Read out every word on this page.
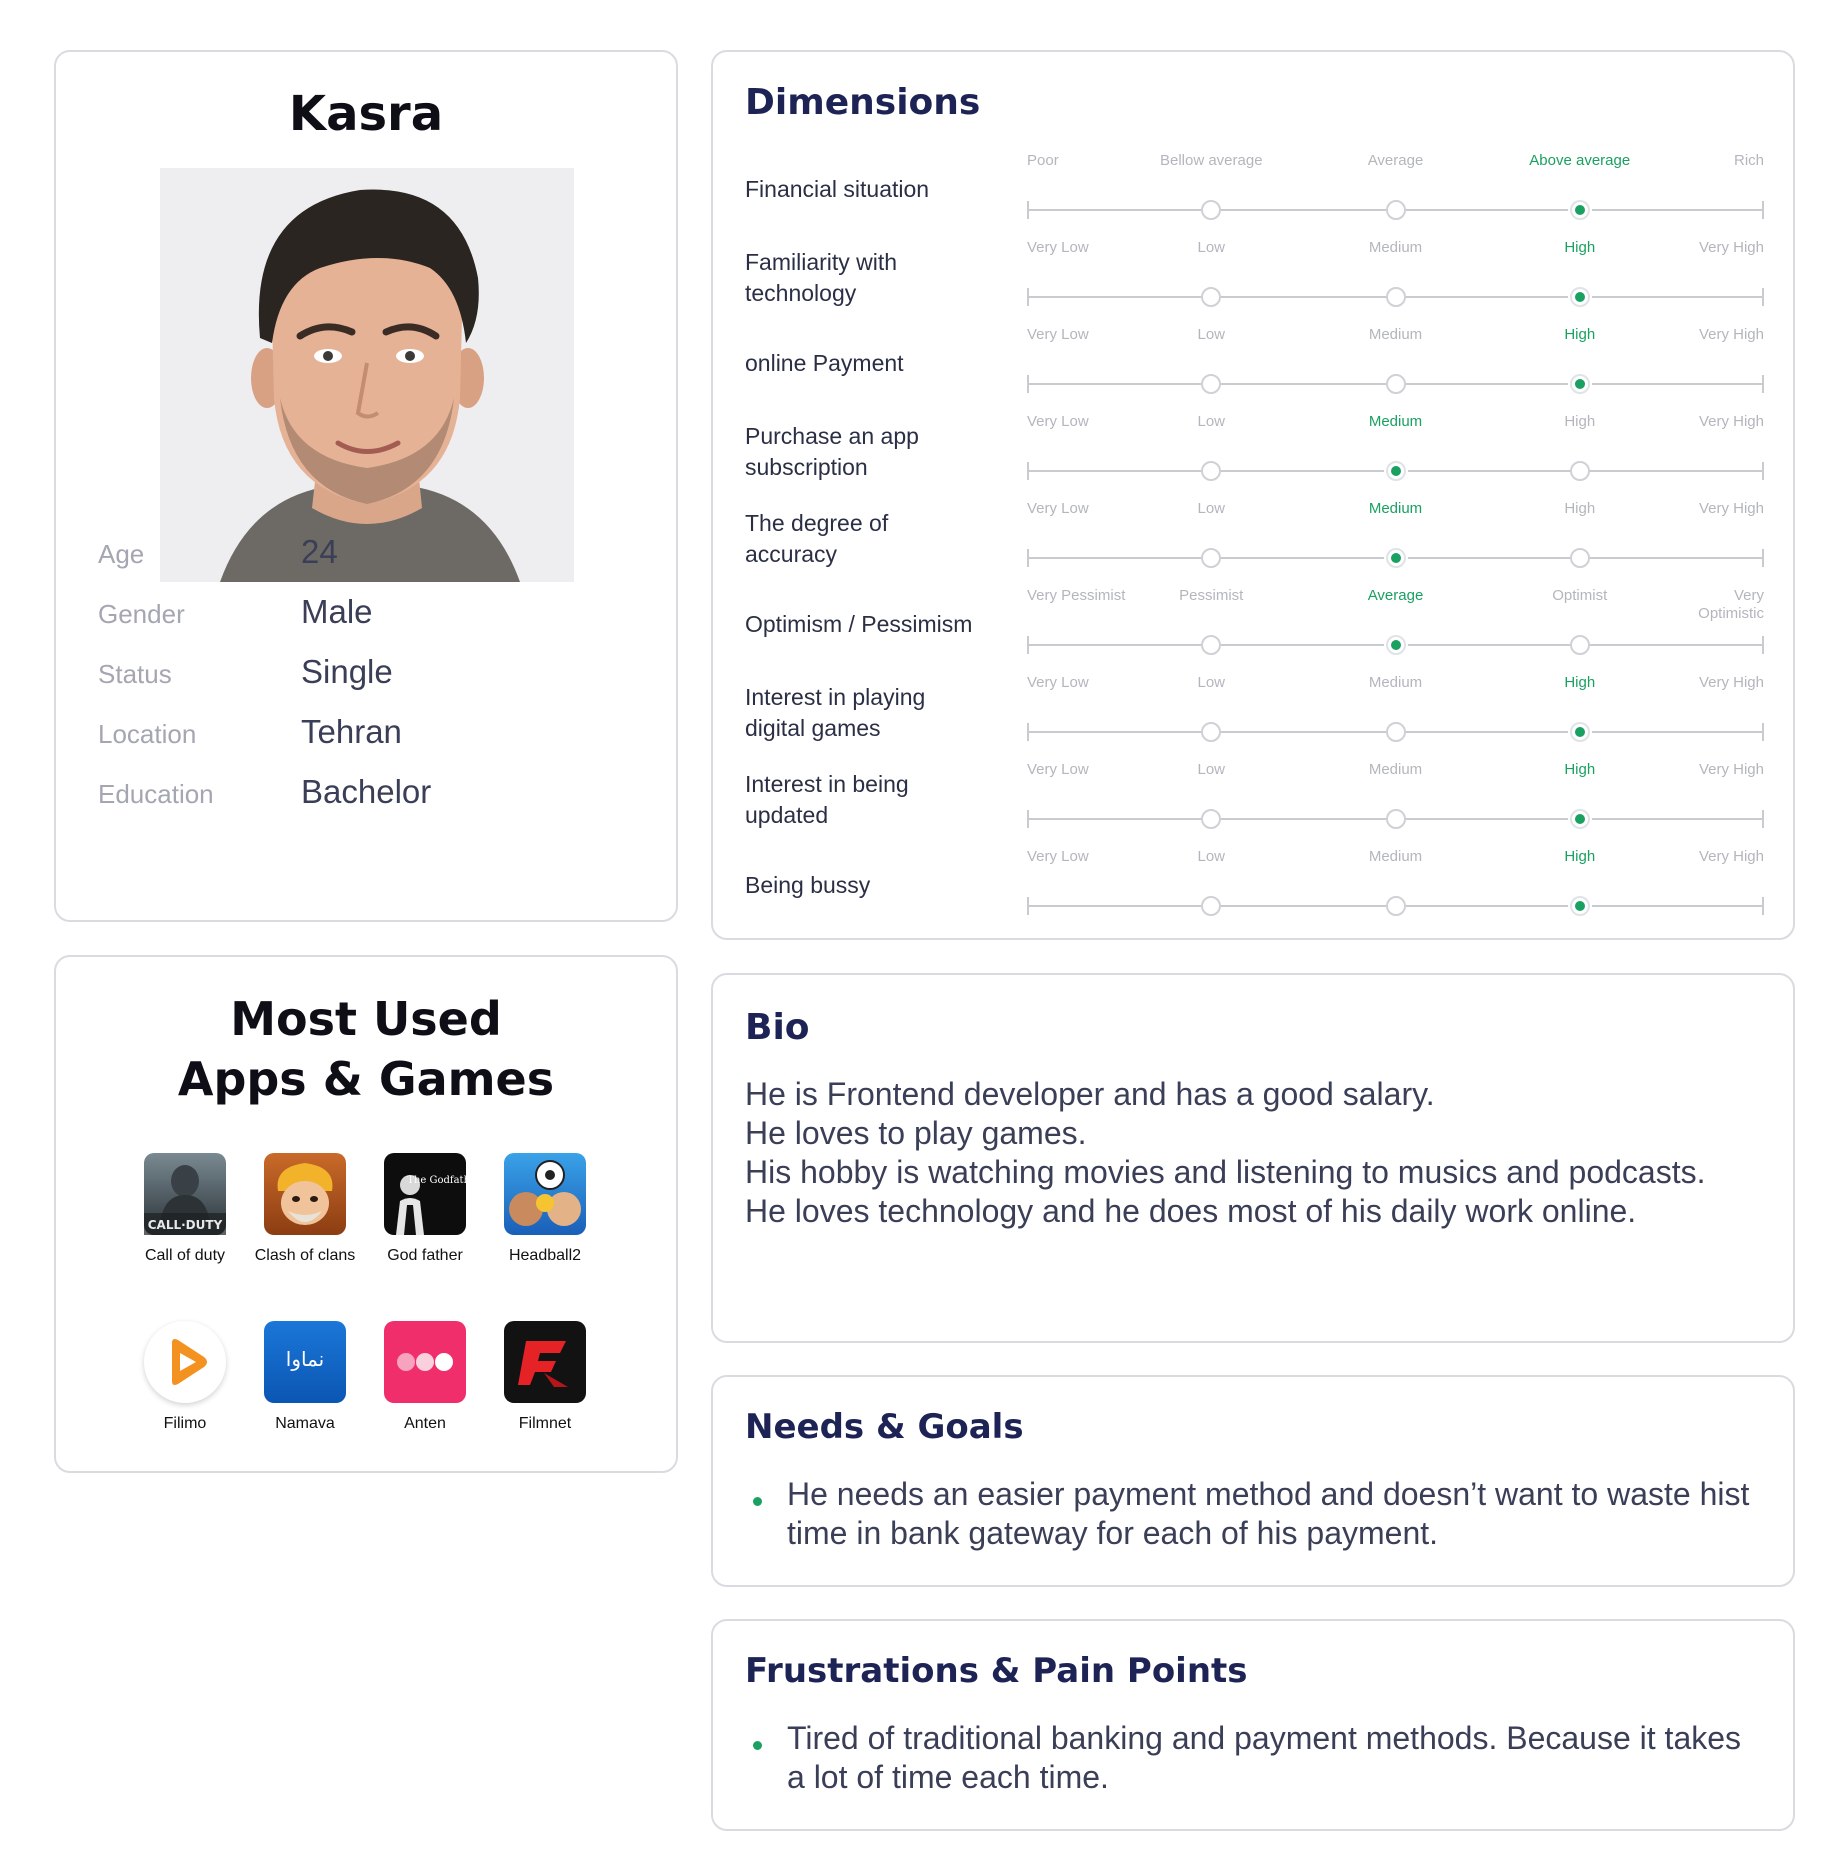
Kasra
Age	24
Gender	Male
Status	Single
Location	Tehran
Education	Bachelor
Most Used
Apps & Games
CALL·DUTY
Call of duty	Clash of clans
The Godfather
God father	Headball2
Filimo
نماوا
Namava	Anten	Filmnet
Dimensions
Financial situation
Poor	Bellow average	Average	Above average	Rich
Familiarity with technology
Very Low	Low	Medium	High	Very High
online Payment
Very Low	Low	Medium	High	Very High
Purchase an app subscription
Very Low	Low	Medium	High	Very High
The degree of accuracy
Very Low	Low	Medium	High	Very High
Optimism / Pessimism
Very Pessimist	Pessimist	Average	Optimist	Very Optimistic
Interest in playing digital games
Very Low	Low	Medium	High	Very High
Interest in being updated
Very Low	Low	Medium	High	Very High
Being bussy
Very Low	Low	Medium	High	Very High
Bio
He is Frontend developer and has a good salary.
He loves to play games.
His hobby is watching movies and listening to musics and podcasts.
He loves technology and he does most of his daily work online.
Needs & Goals
He needs an easier payment method and doesn’t want to waste hist time in bank gateway for each of his payment.
Frustrations & Pain Points
Tired of traditional banking and payment methods. Because it takes a lot of time each time.
